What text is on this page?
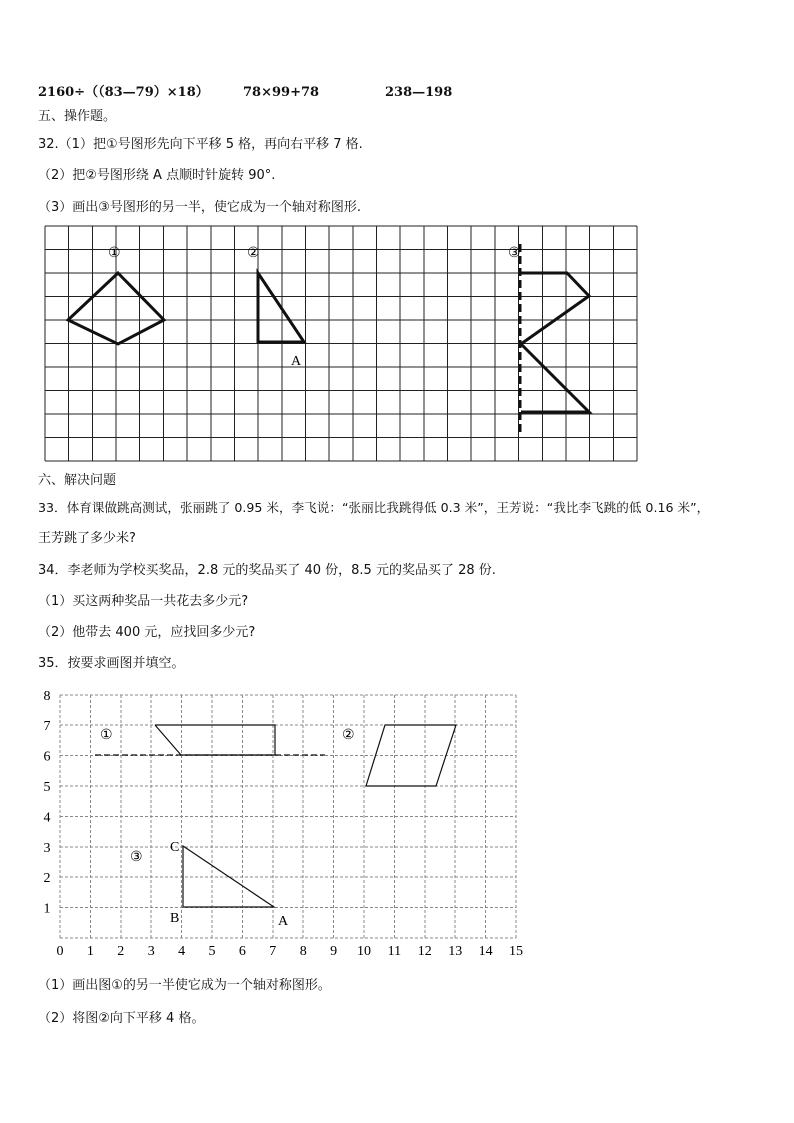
2160÷（（83—79）×18）	78×99+78	238—198
五、操作题。
32.（1）把①号图形先向下平移 5 格，再向右平移 7 格.
（2）把②号图形绕 A 点顺时针旋转 90°.
（3）画出③号图形的另一半，使它成为一个轴对称图形.
①	②	③
A
六、解决问题
33．体育课做跳高测试，张丽跳了 0.95 米，李飞说：“张丽比我跳得低 0.3 米”，王芳说：“我比李飞跳的低 0.16 米”，
王芳跳了多少米?
34．李老师为学校买奖品，2.8 元的奖品买了 40 份，8.5 元的奖品买了 28 份.
（1）买这两种奖品一共花去多少元?
（2）他带去 400 元，应找回多少元?
35．按要求画图并填空。
0 1 2 3 4 5 6 7 8 9 10 11 12 13 14 15
1
2
3
4
5
6
7
8
①	②
③
C
B	A
（1）画出图①的另一半使它成为一个轴对称图形。
（2）将图②向下平移 4 格。
